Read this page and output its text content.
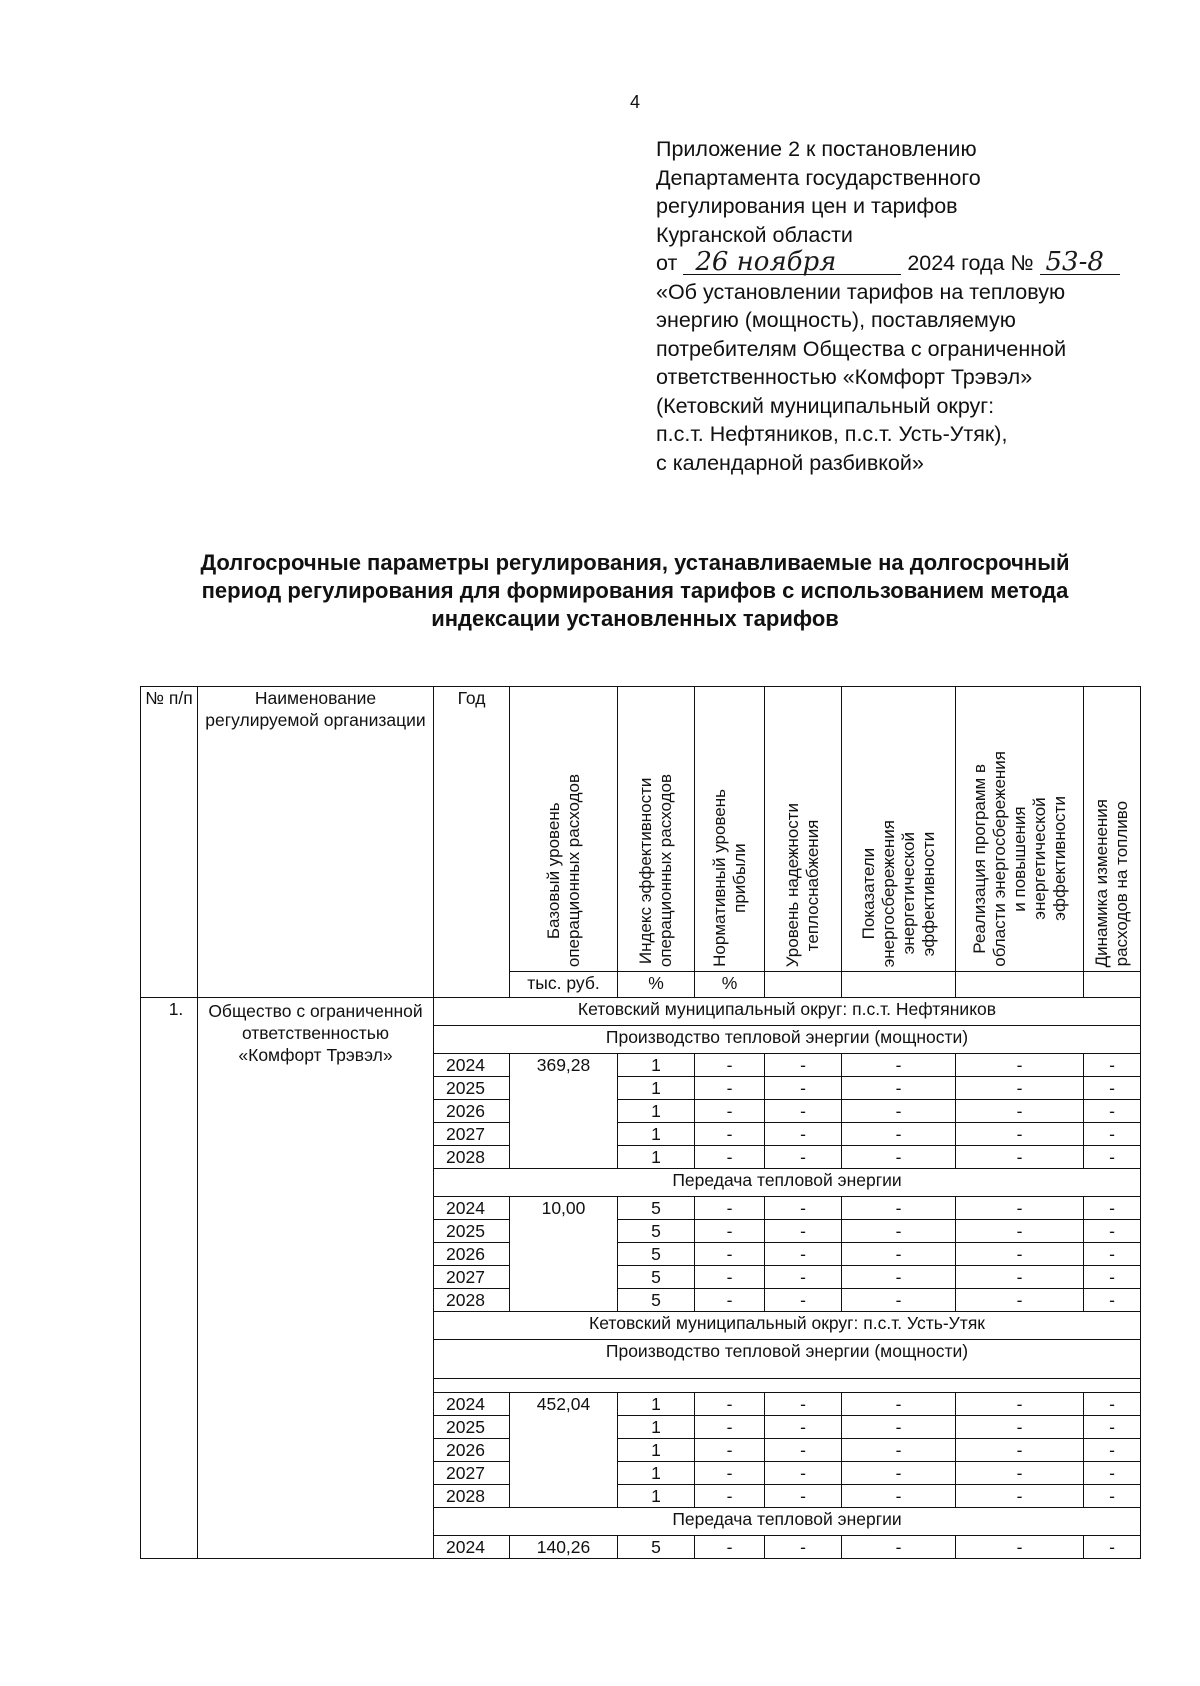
4
Приложение 2 к постановлению
Департамента государственного
регулирования цен и тарифов
Курганской области
от 26 ноября	2024 года № 53-8
«Об установлении тарифов на тепловую
энергию (мощность), поставляемую
потребителям Общества с ограниченной
ответственностью «Комфорт Трэвэл»
(Кетовский муниципальный округ:
п.с.т. Нефтяников, п.с.т. Усть-Утяк),
с календарной разбивкой»
Долгосрочные параметры регулирования, устанавливаемые на долгосрочный
период регулирования для формирования тарифов с использованием метода
индексации установленных тарифов
№ п/п	Наименование регулируемой организации	Год	Базовый уровень
операционных расходов	Индекс эффективности
операционных расходов	Нормативный уровень
прибыли	Уровень надежности
теплоснабжения	Показатели
энергосбережения
энергетической
эффективности	Реализация программ в
области энергосбережения
и повышения
энергетической
эффективности	Динамика изменения
расходов на топливо

			тыс. руб.	%	%				
1.	Общество с ограниченной ответственностью «Комфорт Трэвэл»	Кетовский муниципальный округ: п.с.т. Нефтяников							
		Производство тепловой энергии (мощности)							
		2024	369,28	1	-	-	-	-	-
		2025		1	-	-	-	-	-
		2026		1	-	-	-	-	-
		2027		1	-	-	-	-	-
		2028		1	-	-	-	-	-
		Передача тепловой энергии							
		2024	10,00	5	-	-	-	-	-
		2025		5	-	-	-	-	-
		2026		5	-	-	-	-	-
		2027		5	-	-	-	-	-
		2028		5	-	-	-	-	-
		Кетовский муниципальный округ: п.с.т. Усть-Утяк							
		Производство тепловой энергии (мощности)							

		2024	452,04	1	-	-	-	-	-
		2025		1	-	-	-	-	-
		2026		1	-	-	-	-	-
		2027		1	-	-	-	-	-
		2028		1	-	-	-	-	-
		Передача тепловой энергии							
		2024	140,26	5	-	-	-	-	-
